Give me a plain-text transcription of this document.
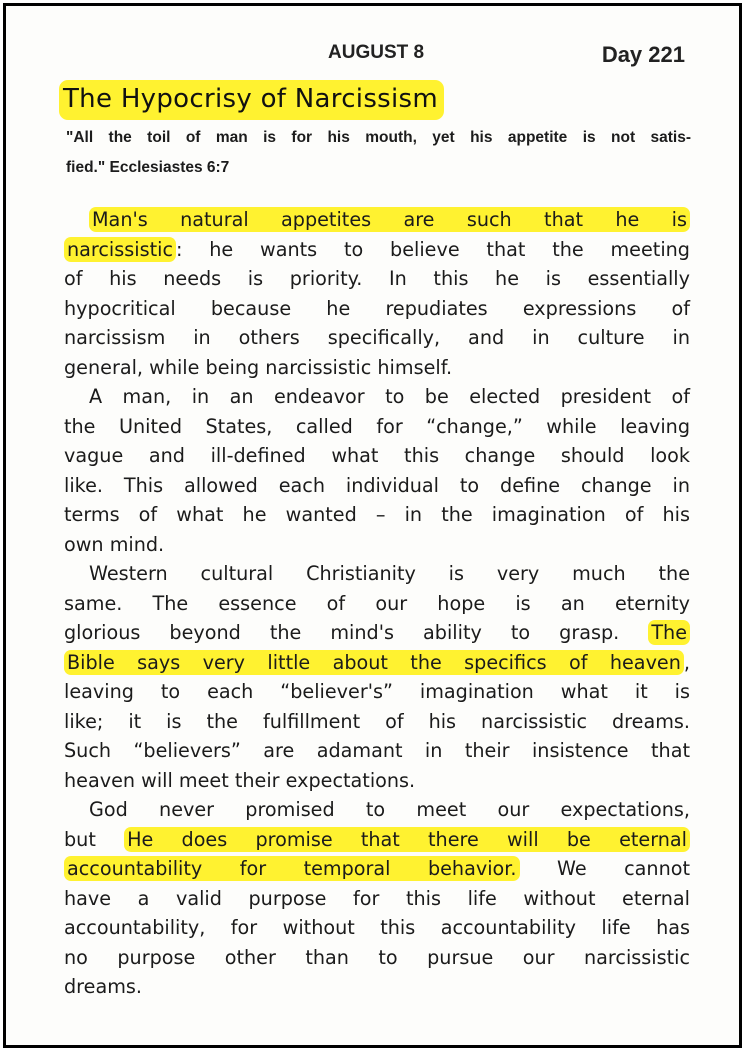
AUGUST 8	Day 221
The Hypocrisy of Narcissism
"All the toil of man is for his mouth, yet his appetite is not satis-
fied." Ecclesiastes 6:7
Man's natural appetites are such that he is
narcissistic : he wants to believe that the meeting
of his needs is priority. In this he is essentially
hypocritical because he repudiates expressions of
narcissism in others specifically, and in culture in
general, while being narcissistic himself.
A man, in an endeavor to be elected president of
the United States, called for “change,” while leaving
vague and ill-defined what this change should look
like. This allowed each individual to define change in
terms of what he wanted – in the imagination of his
own mind.
Western cultural Christianity is very much the
same. The essence of our hope is an eternity
glorious beyond the mind's ability to grasp. The
Bible says very little about the specifics of heaven ,
leaving to each “believer's” imagination what it is
like; it is the fulfillment of his narcissistic dreams.
Such “believers” are adamant in their insistence that
heaven will meet their expectations.
God never promised to meet our expectations,
but He does promise that there will be eternal
accountability for temporal behavior. We cannot
have a valid purpose for this life without eternal
accountability, for without this accountability life has
no purpose other than to pursue our narcissistic
dreams.
